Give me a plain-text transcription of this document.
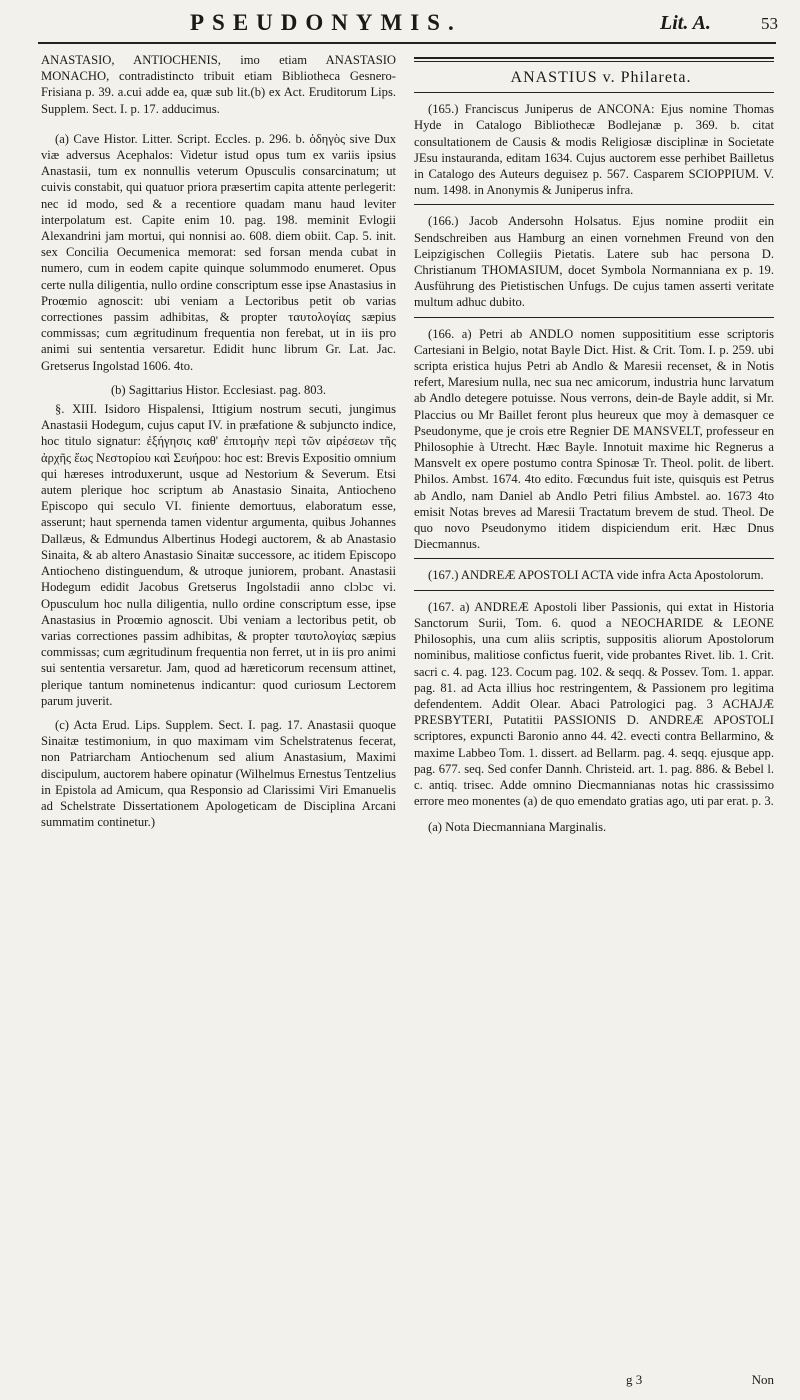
PSEUDONYMIS.	Lit. A.	53

ANASTASIO, ANTIOCHENIS, imo etiam ANASTASIO MONACHO, contradistincto tribuit etiam Bibliotheca Gesnero-Frisiana p. 39. a.cui adde ea, quæ sub lit.(b) ex Act. Eruditorum Lips. Supplem. Sect. I. p. 17. adducimus.

(a) Cave Histor. Litter. Script. Eccles. p. 296. b. ὁδηγὸς sive Dux viæ adversus Acephalos: Videtur istud opus tum ex variis ipsius Anastasii, tum ex nonnullis veterum Opusculis consarcinatum; ut cuivis constabit, qui quatuor priora præsertim capita attente perlegerit: nec id modo, sed & a recentiore quadam manu haud leviter interpolatum est. Capite enim 10. pag. 198. meminit Evlogii Alexandrini jam mortui, qui nonnisi ao. 608. diem obiit. Cap. 5. init. sex Concilia Oecumenica memorat: sed forsan menda cubat in numero, cum in eodem capite quinque solummodo enumeret. Opus certe nulla diligentia, nullo ordine conscriptum esse ipse Anastasius in Proœmio agnoscit: ubi veniam a Lectoribus petit ob varias correctiones passim adhibitas, & propter ταυτολογίας sæpius commissas; cum ægritudinum frequentia non ferebat, ut in iis pro animi sui sententia versaretur. Edidit hunc librum Gr. Lat. Jac. Gretserus Ingolstad 1606. 4to.

(b) Sagittarius Histor. Ecclesiast. pag. 803.

§. XIII. Isidoro Hispalensi, Ittigium nostrum secuti, jungimus Anastasii Hodegum, cujus caput IV. in præfatione & subjuncto indice, hoc titulo signatur: ἐξήγησις καθ' ἐπιτομὴν περὶ τῶν αἱρέσεων τῆς ἀρχῆς ἕως Νεστορίου καὶ Σευήρου: hoc est: Brevis Expositio omnium qui hæreses introduxerunt, usque ad Nestorium & Severum. Etsi autem plerique hoc scriptum ab Anastasio Sinaita, Antiocheno Episcopo qui seculo VI. finiente demortuus, elaboratum esse, asserunt; haut spernenda tamen videntur argumenta, quibus Johannes Dallæus, & Edmundus Albertinus Hodegi auctorem, & ab Anastasio Sinaita, & ab altero Anastasio Sinaitæ successore, ac itidem Episcopo Antiocheno distinguendum, & utroque juniorem, probant. Anastasii Hodegum edidit Jacobus Gretserus Ingolstadii anno clɔlɔc vi. Opusculum hoc nulla diligentia, nullo ordine conscriptum esse, ipse Anastasius in Proœmio agnoscit. Ubi veniam a lectoribus petit, ob varias correctiones passim adhibitas, & propter ταυτολογίας sæpius commissas; cum ægritudinum frequentia non ferret, ut in iis pro animi sui sententia versaretur. Jam, quod ad hæreticorum recensum attinet, plerique tantum nominetenus indicantur: quod curiosum Lectorem parum juverit.

(c) Acta Erud. Lips. Supplem. Sect. I. pag. 17. Anastasii quoque Sinaitæ testimonium, in quo maximam vim Schelstratenus fecerat, non Patriarcham Antiochenum sed alium Anastasium, Maximi discipulum, auctorem habere opinatur (Wilhelmus Ernestus Tentzelius in Epistola ad Amicum, qua Responsio ad Clarissimi Viri Emanuelis ad Schelstrate Dissertationem Apologeticam de Disciplina Arcani summatim continetur.)

ANASTIUS v. Philareta.

(165.) Franciscus Juniperus de ANCONA: Ejus nomine Thomas Hyde in Catalogo Bibliothecæ Bodlejanæ p. 369. b. citat consultationem de Causis & modis Religiosæ disciplinæ in Societate JEsu instauranda, editam 1634. Cujus auctorem esse perhibet Bailletus in Catalogo des Auteurs deguisez p. 567. Casparem SCIOPPIUM. V. num. 1498. in Anonymis & Juniperus infra.

(166.) Jacob Andersohn Holsatus. Ejus nomine prodiit ein Sendschreiben aus Hamburg an einen vornehmen Freund von den Leipzigischen Collegiis Pietatis. Latere sub hac persona D. Christianum THOMASIUM, docet Symbola Normanniana ex p. 19. Ausführung des Pietistischen Unfugs. De cujus tamen asserti veritate multum adhuc dubito.

(166. a) Petri ab ANDLO nomen supposititium esse scriptoris Cartesiani in Belgio, notat Bayle Dict. Hist. & Crit. Tom. I. p. 259. ubi scripta eristica hujus Petri ab Andlo & Maresii recenset, & in Notis refert, Maresium nulla, nec sua nec amicorum, industria hunc larvatum ab Andlo detegere potuisse. Nous verrons, dein-de Bayle addit, si Mr. Placcius ou Mr Baillet feront plus heureux que moy à demasquer ce Pseudonyme, que je crois etre Regnier DE MANSVELT, professeur en Philosophie à Utrecht. Hæc Bayle. Innotuit maxime hic Regnerus a Mansvelt ex opere postumo contra Spinosæ Tr. Theol. polit. de libert. Philos. Ambst. 1674. 4to edito. Fœcundus fuit iste, quisquis est Petrus ab Andlo, nam Daniel ab Andlo Petri filius Ambstel. ao. 1673 4to emisit Notas breves ad Maresii Tractatum brevem de stud. Theol. De quo novo Pseudonymo itidem dispiciendum erit. Hæc Dnus Diecmannus.

(167.) ANDREÆ APOSTOLI ACTA vide infra Acta Apostolorum.

(167. a) ANDREÆ Apostoli liber Passionis, qui extat in Historia Sanctorum Surii, Tom. 6. quod a NEOCHARIDE & LEONE Philosophis, una cum aliis scriptis, suppositis aliorum Apostolorum nominibus, malitiose confictus fuerit, vide probantes Rivet. lib. 1. Crit. sacri c. 4. pag. 123. Cocum pag. 102. & seqq. & Possev. Tom. 1. appar. pag. 81. ad Acta illius hoc restringentem, & Passionem pro legitima defendentem. Addit Olear. Abaci Patrologici pag. 3 ACHAJÆ PRESBYTERI, Putatitii PASSIONIS D. ANDREÆ APOSTOLI scriptores, expuncti Baronio anno 44. 42. evecti contra Bellarmino, & maxime Labbeo Tom. 1. dissert. ad Bellarm. pag. 4. seqq. ejusque app. pag. 677. seq. Sed confer Dannh. Christeid. art. 1. pag. 886. & Bebel l. c. antiq. trisec. Adde omnino Diecmannianas notas hic crassissimo errore meo monentes (a) de quo emendato gratias ago, uti par erat. p. 3.

(a) Nota Diecmanniana Marginalis.

g 3	Non
